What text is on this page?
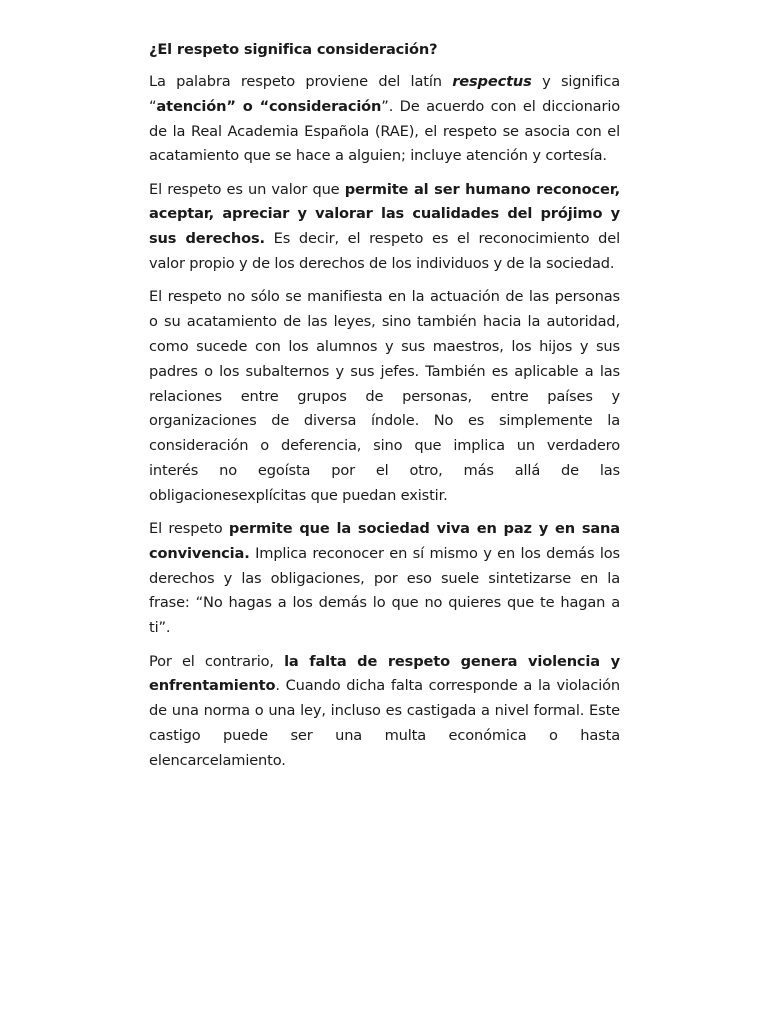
¿El respeto significa consideración?

La palabra respeto proviene del latín respectus y significa “atención” o “consideración”. De acuerdo con el diccionario de la Real Academia Española (RAE), el respeto se asocia con el acatamiento que se hace a alguien; incluye atención y cortesía.

El respeto es un valor que permite al ser humano reconocer, aceptar, apreciar y valorar las cualidades del prójimo y sus derechos. Es decir, el respeto es el reconocimiento del valor propio y de los derechos de los individuos y de la sociedad.

El respeto no sólo se manifiesta en la actuación de las personas o su acatamiento de las leyes, sino también hacia la autoridad, como sucede con los alumnos y sus maestros, los hijos y sus padres o los subalternos y sus jefes. También es aplicable a las relaciones entre grupos de personas, entre países y organizaciones de diversa índole. No es simplemente la consideración o deferencia, sino que implica un verdadero interés no egoísta por el otro, más allá de las obligacionesexplícitas que puedan existir.

El respeto permite que la sociedad viva en paz y en sana convivencia. Implica reconocer en sí mismo y en los demás los derechos y las obligaciones, por eso suele sintetizarse en la frase: “No hagas a los demás lo que no quieres que te hagan a ti”.

Por el contrario, la falta de respeto genera violencia y enfrentamiento. Cuando dicha falta corresponde a la violación de una norma o una ley, incluso es castigada a nivel formal. Este castigo puede ser una multa económica o hasta elencarcelamiento.
